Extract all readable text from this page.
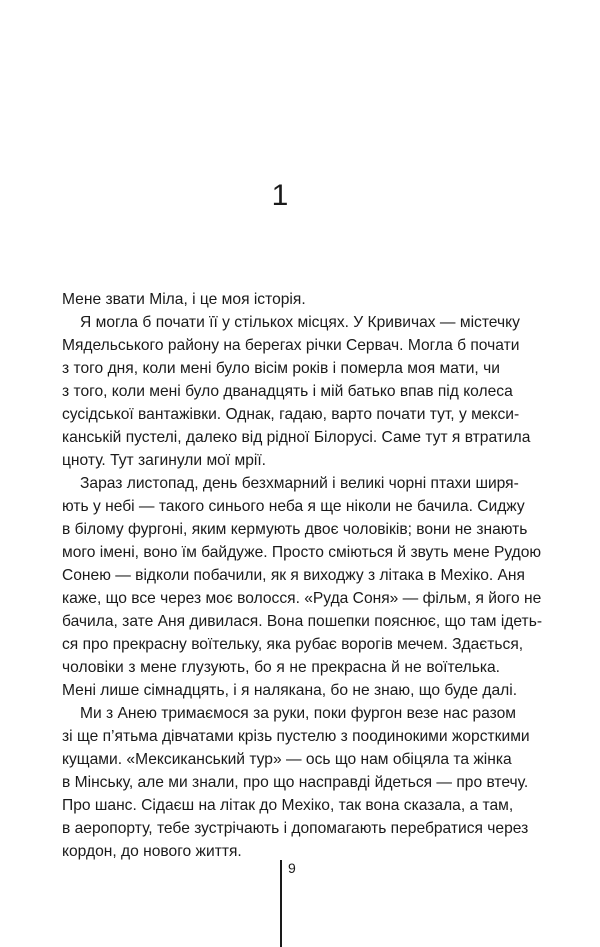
1
Мене звати Міла, і це моя історія.
Я могла б почати її у стількох місцях. У Кривичах — містечку
Мядельського району на берегах річки Сервач. Могла б почати
з того дня, коли мені було вісім років і померла моя мати, чи
з того, коли мені було дванадцять і мій батько впав під колеса
сусідської вантажівки. Однак, гадаю, варто почати тут, у мекси-
канській пустелі, далеко від рідної Білорусі. Саме тут я втратила
цноту. Тут загинули мої мрії.
Зараз листопад, день безхмарний і великі чорні птахи ширя-
ють у небі — такого синього неба я ще ніколи не бачила. Сиджу
в білому фургоні, яким кермують двоє чоловіків; вони не знають
мого імені, воно їм байдуже. Просто сміються й звуть мене Рудою
Сонею — відколи побачили, як я виходжу з літака в Мехіко. Аня
каже, що все через моє волосся. «Руда Соня» — фільм, я його не
бачила, зате Аня дивилася. Вона пошепки пояснює, що там ідеть-
ся про прекрасну воїтельку, яка рубає ворогів мечем. Здається,
чоловіки з мене глузують, бо я не прекрасна й не воїтелька.
Мені лише сімнадцять, і я налякана, бо не знаю, що буде далі.
Ми з Анею тримаємося за руки, поки фургон везе нас разом
зі ще п’ятьма дівчатами крізь пустелю з поодинокими жорсткими
кущами. «Мексиканський тур» — ось що нам обіцяла та жінка
в Мінську, але ми знали, про що насправді йдеться — про втечу.
Про шанс. Сідаєш на літак до Мехіко, так вона сказала, а там,
в аеропорту, тебе зустрічають і допомагають перебратися через
кордон, до нового життя.
9
